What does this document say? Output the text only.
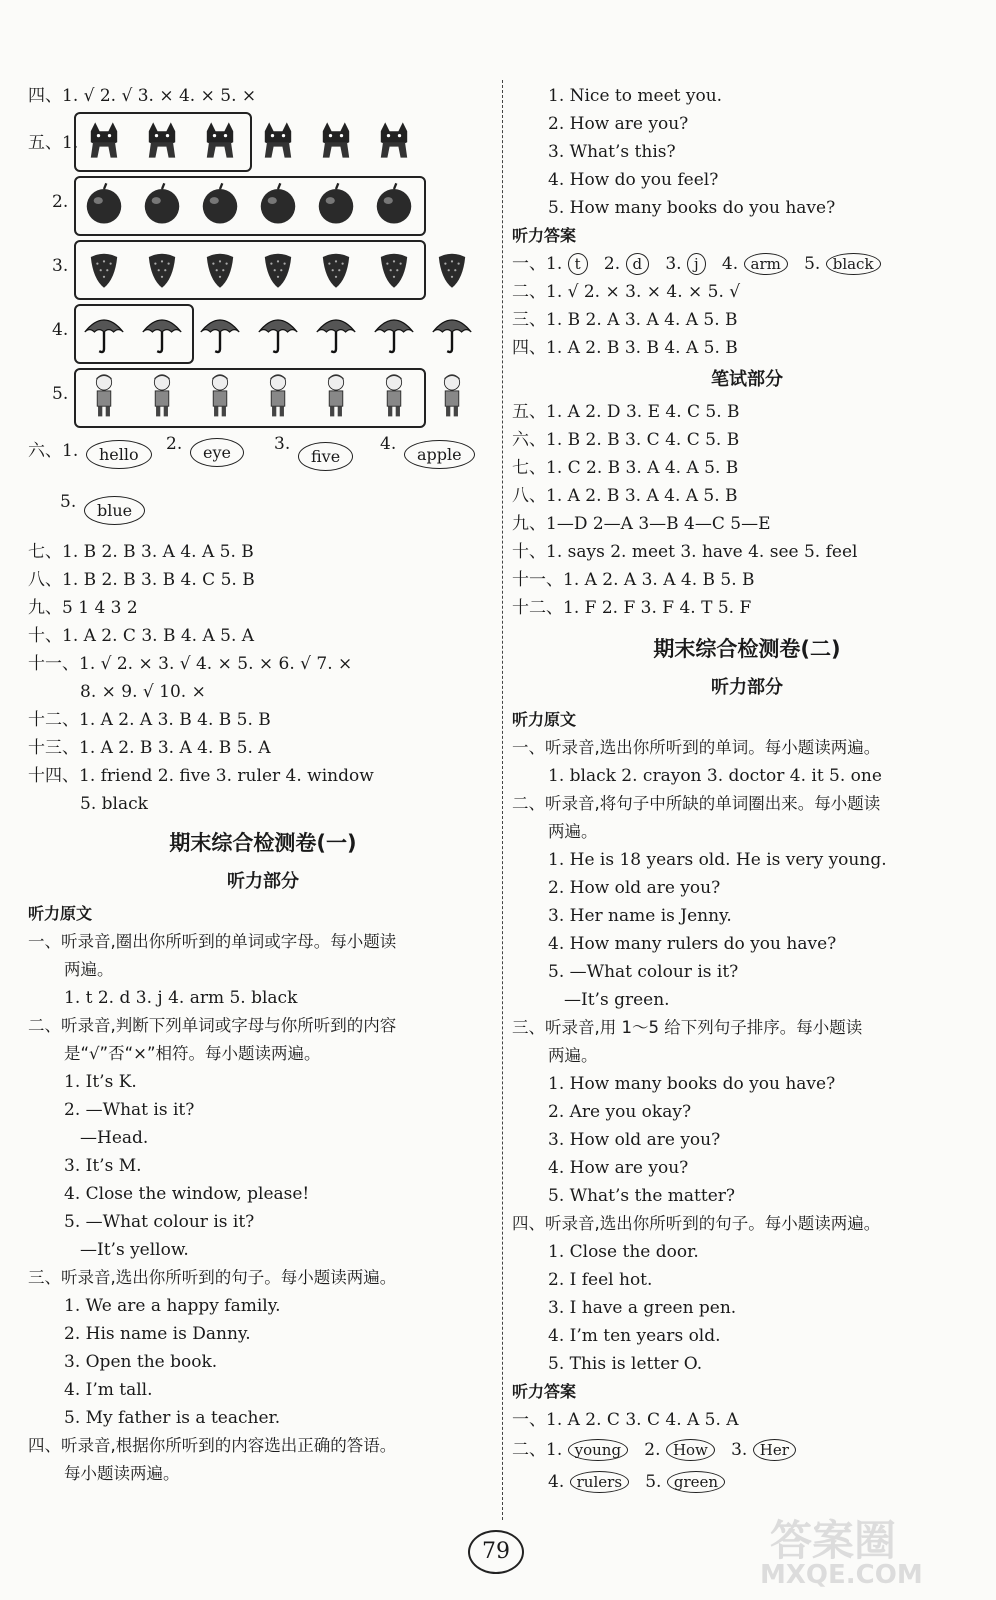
四、1. √ 2. √ 3. × 4. × 5. ×
五、1.
2.
3.
4.
5.
六、1.	hello
2.	eye	3.
five
4.
apple
5.	blue
七、1. B 2. B 3. A 4. A 5. B
八、1. B 2. B 3. B 4. C 5. B
九、5 1 4 3 2
十、1. A 2. C 3. B 4. A 5. A
十一、1. √ 2. × 3. √ 4. × 5. × 6. √ 7. ×
8. × 9. √ 10. ×
十二、1. A 2. A 3. B 4. B 5. B
十三、1. A 2. B 3. A 4. B 5. A
十四、1. friend 2. five 3. ruler 4. window
5. black
期末综合检测卷(一)
听力部分
听力原文
一、听录音,圈出你所听到的单词或字母。每小题读
两遍。
1. t 2. d 3. j 4. arm 5. black
二、听录音,判断下列单词或字母与你所听到的内容
是“√”否“×”相符。每小题读两遍。
1. It’s K.
2. —What is it?
—Head.
3. It’s M.
4. Close the window, please!
5. —What colour is it?
—It’s yellow.
三、听录音,选出你所听到的句子。每小题读两遍。
1. We are a happy family.
2. His name is Danny.
3. Open the book.
4. I’m tall.
5. My father is a teacher.
四、听录音,根据你所听到的内容选出正确的答语。
每小题读两遍。
1. Nice to meet you.
2. How are you?
3. What’s this?
4. How do you feel?
5. How many books do you have?
听力答案
一、1. t 2. d 3. j 4. arm 5. black
二、1. √ 2. × 3. × 4. × 5. √
三、1. B 2. A 3. A 4. A 5. B
四、1. A 2. B 3. B 4. A 5. B
笔试部分
五、1. A 2. D 3. E 4. C 5. B
六、1. B 2. B 3. C 4. C 5. B
七、1. C 2. B 3. A 4. A 5. B
八、1. A 2. B 3. A 4. A 5. B
九、1—D 2—A 3—B 4—C 5—E
十、1. says 2. meet 3. have 4. see 5. feel
十一、1. A 2. A 3. A 4. B 5. B
十二、1. F 2. F 3. F 4. T 5. F
期末综合检测卷(二)
听力部分
听力原文
一、听录音,选出你所听到的单词。每小题读两遍。
1. black 2. crayon 3. doctor 4. it 5. one
二、听录音,将句子中所缺的单词圈出来。每小题读
两遍。
1. He is 18 years old. He is very young.
2. How old are you?
3. Her name is Jenny.
4. How many rulers do you have?
5. —What colour is it?
—It’s green.
三、听录音,用 1～5 给下列句子排序。每小题读
两遍。
1. How many books do you have?
2. Are you okay?
3. How old are you?
4. How are you?
5. What’s the matter?
四、听录音,选出你所听到的句子。每小题读两遍。
1. Close the door.
2. I feel hot.
3. I have a green pen.
4. I’m ten years old.
5. This is letter O.
听力答案
一、1. A 2. C 3. C 4. A 5. A
二、1. young 2. How 3. Her
4. rulers 5. green
79	答案圈
MXQE.COM
